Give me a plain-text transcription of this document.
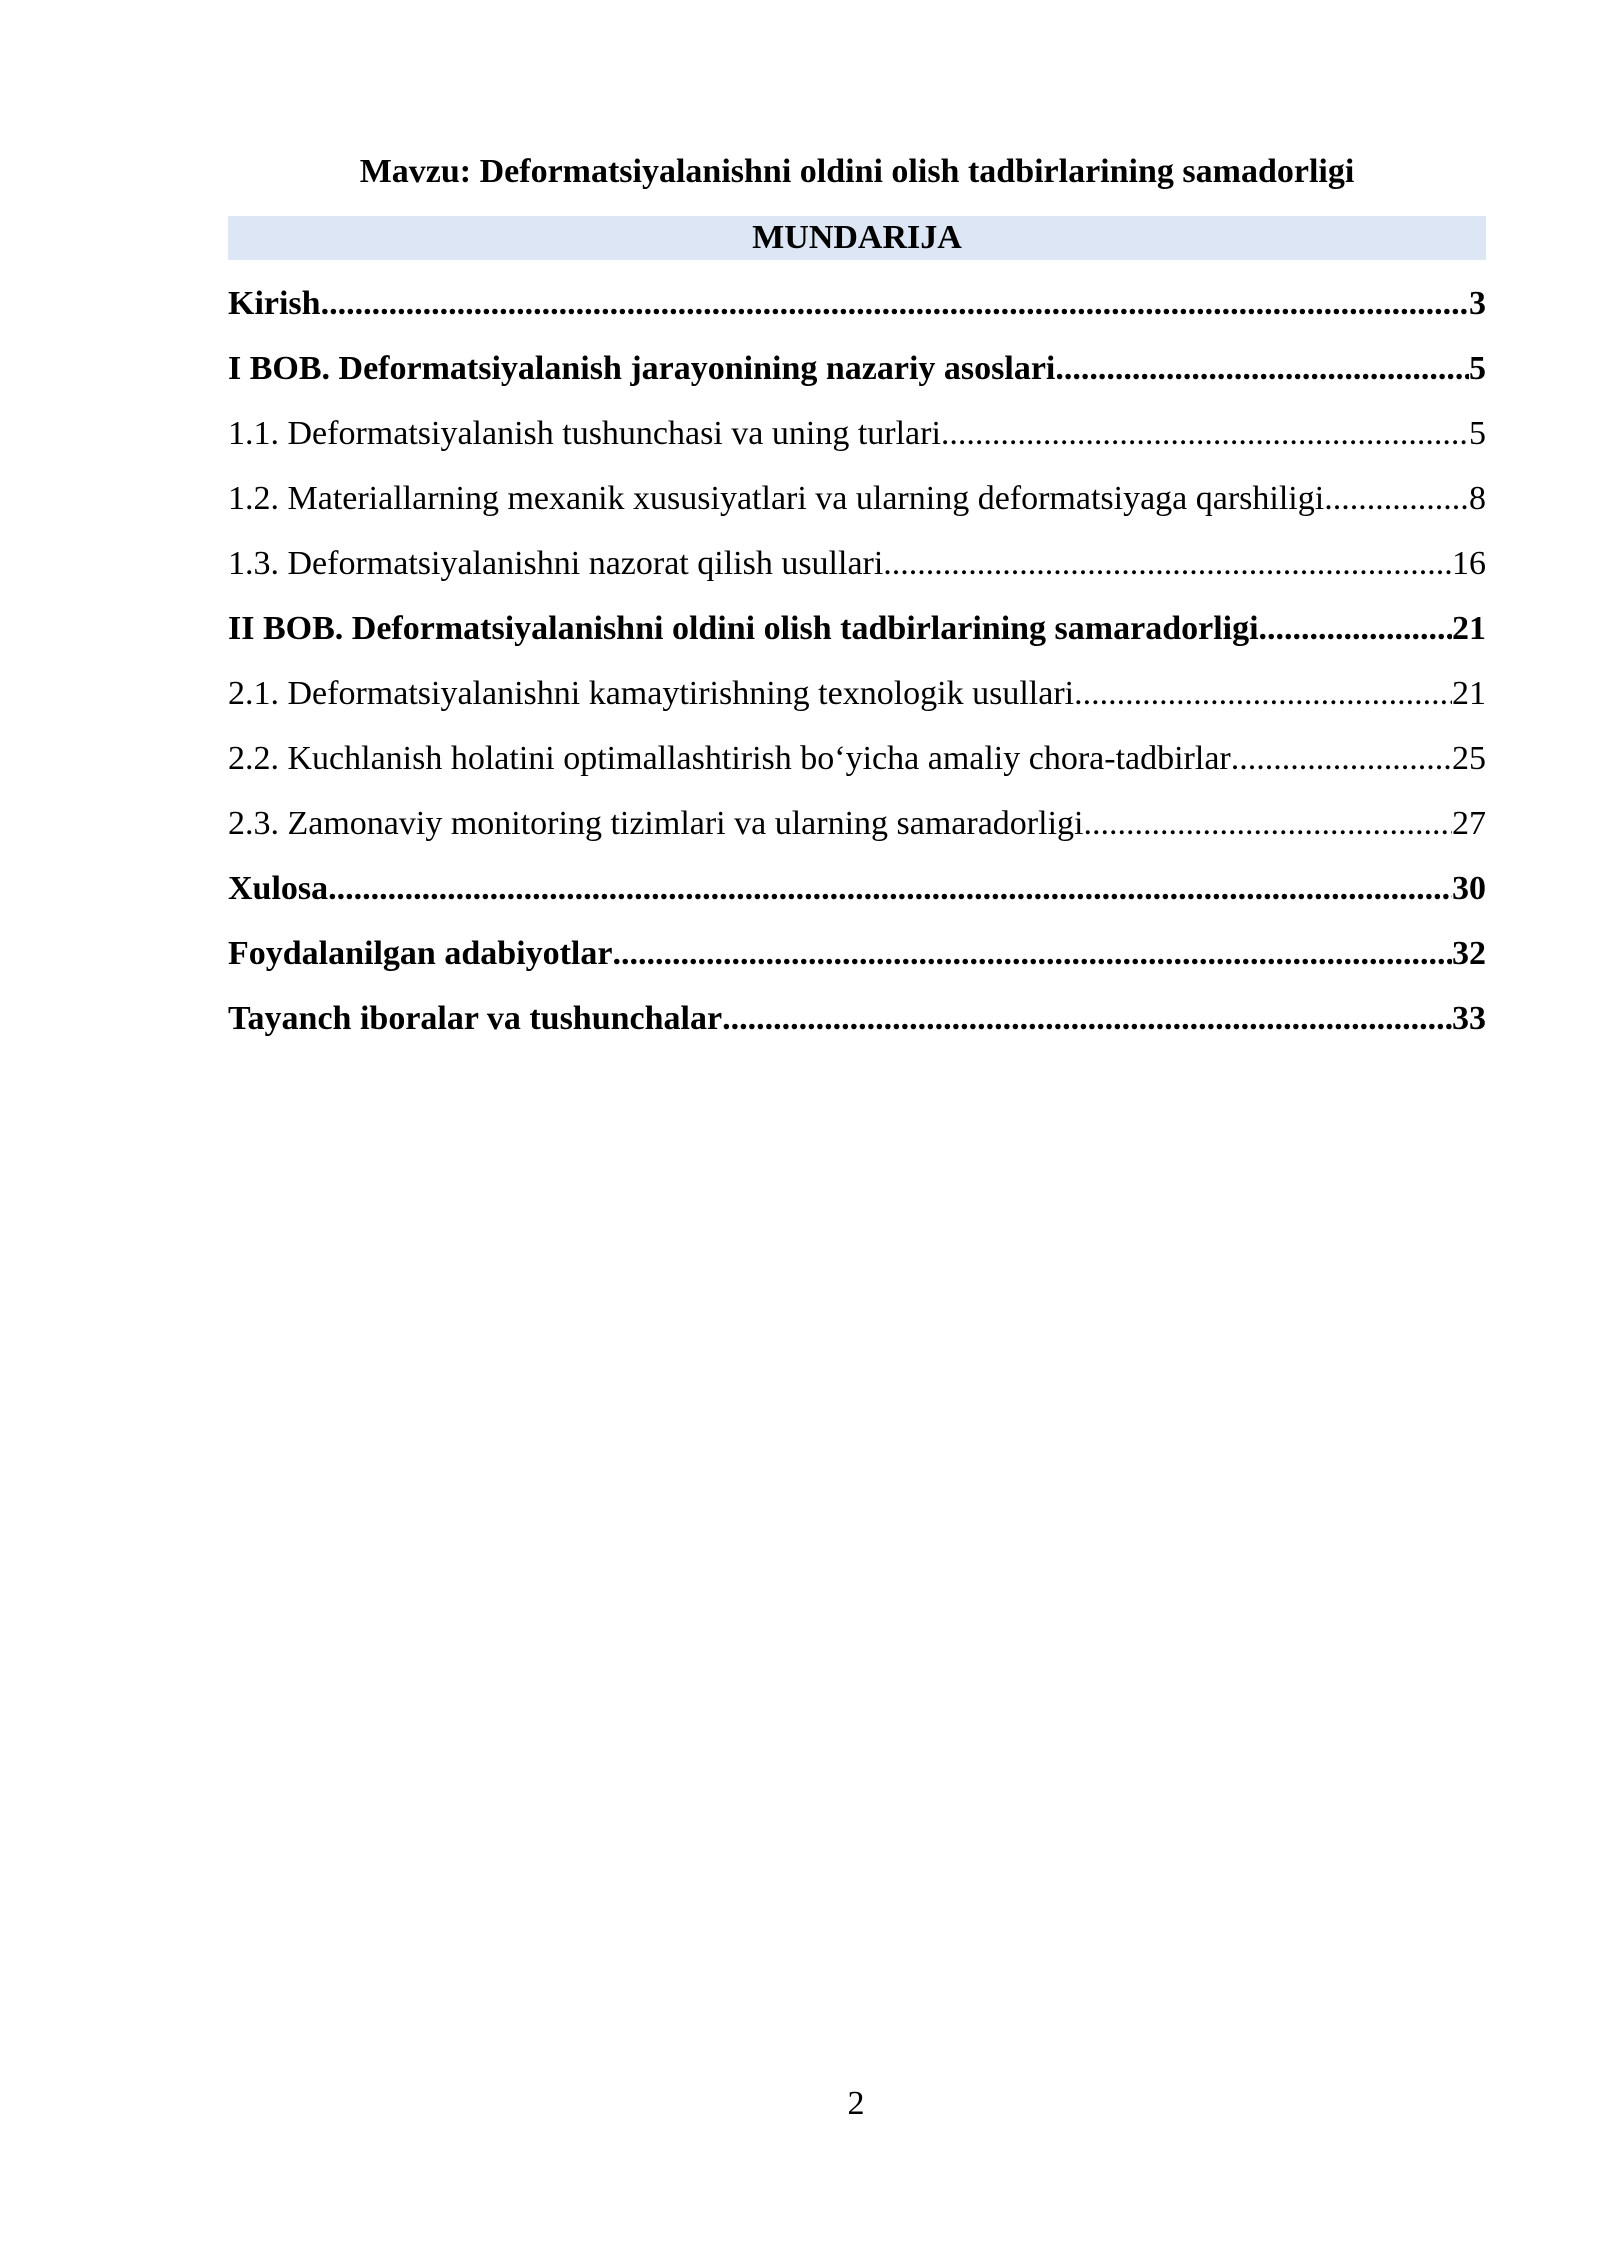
Mavzu: Deformatsiyalanishni oldini olish tadbirlarining samadorligi
MUNDARIJA
Kirish .....	3
I BOB. Deformatsiyalanish jarayonining nazariy asoslari .....	5
1.1. Deformatsiyalanish tushunchasi va uning turlari .....	5
1.2. Materiallarning mexanik xususiyatlari va ularning deformatsiyaga qarshiligi. .....	8
1.3. Deformatsiyalanishni nazorat qilish usullari .....	16
II BOB. Deformatsiyalanishni oldini olish tadbirlarining samaradorligi .....	21
2.1. Deformatsiyalanishni kamaytirishning texnologik usullari .....	21
2.2. Kuchlanish holatini optimallashtirish bo‘yicha amaliy chora-tadbirlar .....	25
2.3. Zamonaviy monitoring tizimlari va ularning samaradorligi .....	27
Xulosa .....	30
Foydalanilgan adabiyotlar .....	32
Tayanch iboralar va tushunchalar .....	33
2
